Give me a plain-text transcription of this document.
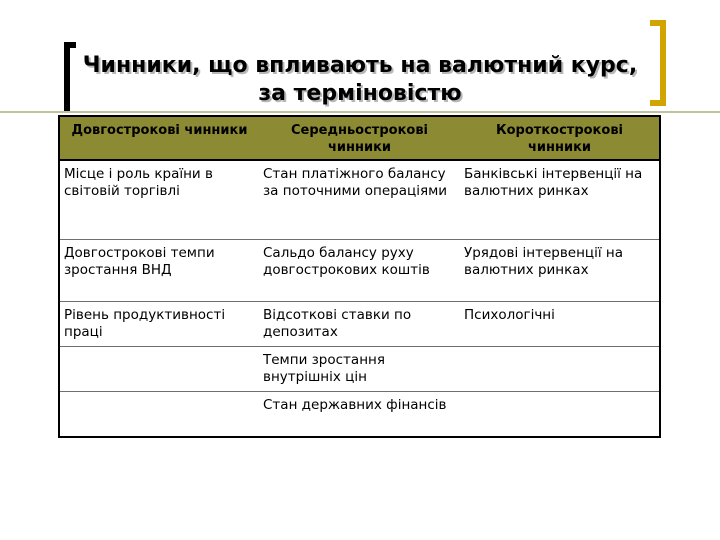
Чинники, що впливають на валютний курс, за терміновістю
Довгострокові чинники	Середньострокові чинники	Короткострокові чинники
Місце і роль країни в світовій торгівлі	Стан платіжного балансу за поточними операціями	Банківські інтервенції на валютних ринках
Довгострокові темпи зростання ВНД	Сальдо балансу руху довгострокових коштів	Урядові інтервенції на валютних ринках
Рівень продуктивності праці	Відсоткові ставки по депозитах	Психологічні
	Темпи зростання внутрішніх цін	
	Стан державних фінансів	
